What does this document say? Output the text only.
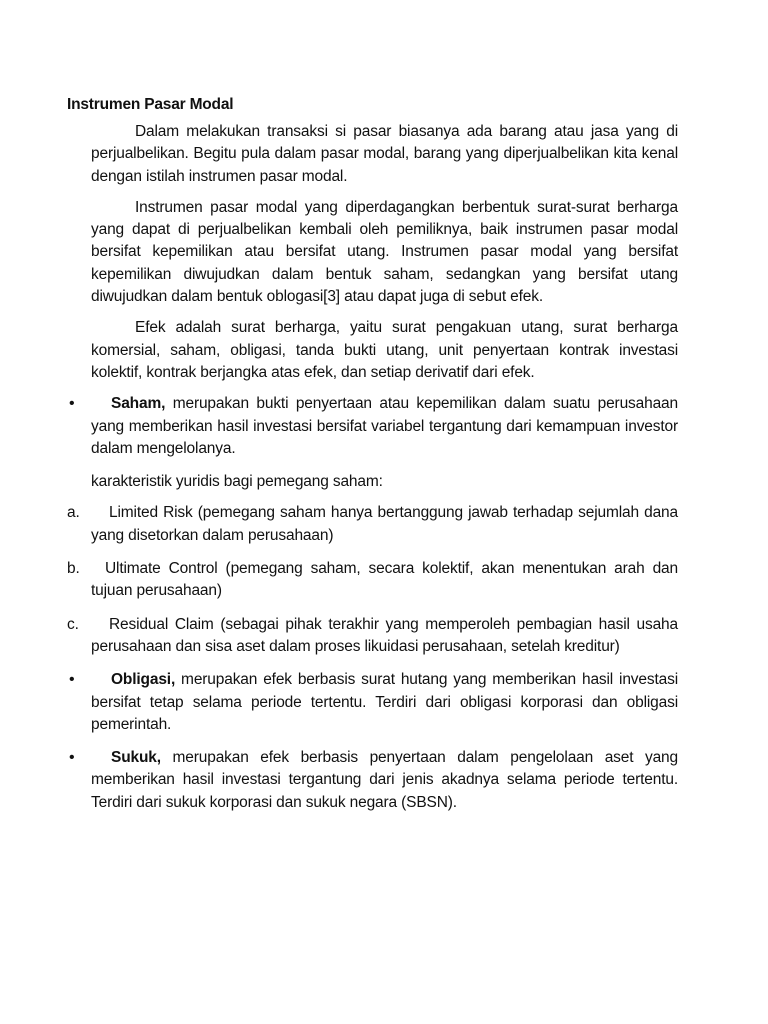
Instrumen Pasar Modal

Dalam melakukan transaksi si pasar biasanya ada barang atau jasa yang di perjualbelikan. Begitu pula dalam pasar modal, barang yang diperjualbelikan kita kenal dengan istilah instrumen pasar modal.

Instrumen pasar modal yang diperdagangkan berbentuk surat-surat berharga yang dapat di perjualbelikan kembali oleh pemiliknya, baik instrumen pasar modal bersifat kepemilikan atau bersifat utang. Instrumen pasar modal yang bersifat kepemilikan diwujudkan dalam bentuk saham, sedangkan yang bersifat utang diwujudkan dalam bentuk oblogasi[3] atau dapat juga di sebut efek.

Efek adalah surat berharga, yaitu surat pengakuan utang, surat berharga komersial, saham, obligasi, tanda bukti utang, unit penyertaan kontrak investasi kolektif, kontrak berjangka atas efek, dan setiap derivatif dari efek.

• Saham, merupakan bukti penyertaan atau kepemilikan dalam suatu perusahaan yang memberikan hasil investasi bersifat variabel tergantung dari kemampuan investor dalam mengelolanya.

karakteristik yuridis bagi pemegang saham:

a. Limited Risk (pemegang saham hanya bertanggung jawab terhadap sejumlah dana yang disetorkan dalam perusahaan)
b. Ultimate Control (pemegang saham, secara kolektif, akan menentukan arah dan tujuan perusahaan)
c. Residual Claim (sebagai pihak terakhir yang memperoleh pembagian hasil usaha perusahaan dan sisa aset dalam proses likuidasi perusahaan, setelah kreditur)
• Obligasi, merupakan efek berbasis surat hutang yang memberikan hasil investasi bersifat tetap selama periode tertentu. Terdiri dari obligasi korporasi dan obligasi pemerintah.
• Sukuk, merupakan efek berbasis penyertaan dalam pengelolaan aset yang memberikan hasil investasi tergantung dari jenis akadnya selama periode tertentu. Terdiri dari sukuk korporasi dan sukuk negara (SBSN).
